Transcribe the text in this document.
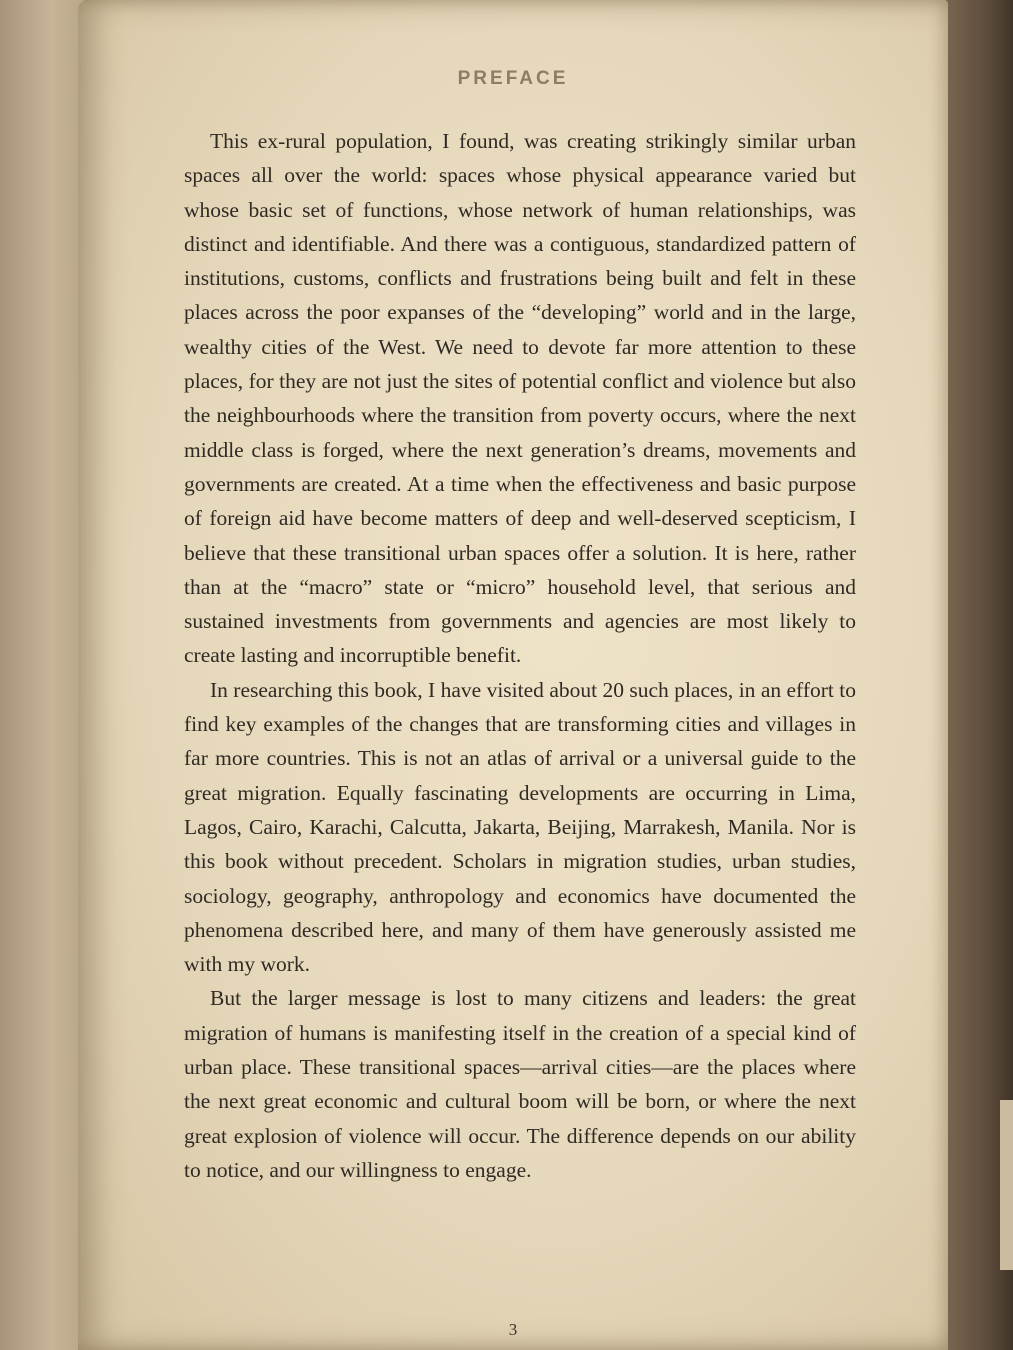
PREFACE

This ex-rural population, I found, was creating strikingly similar urban spaces all over the world: spaces whose physical appearance varied but whose basic set of functions, whose network of human relationships, was distinct and identifiable. And there was a contiguous, standardized pattern of institutions, customs, conflicts and frustrations being built and felt in these places across the poor expanses of the “developing” world and in the large, wealthy cities of the West. We need to devote far more attention to these places, for they are not just the sites of potential conflict and violence but also the neighbourhoods where the transition from poverty occurs, where the next middle class is forged, where the next generation’s dreams, movements and governments are created. At a time when the effectiveness and basic purpose of foreign aid have become matters of deep and well-deserved scepticism, I believe that these transitional urban spaces offer a solution. It is here, rather than at the “macro” state or “micro” household level, that serious and sustained investments from governments and agencies are most likely to create lasting and incorruptible benefit.

In researching this book, I have visited about 20 such places, in an effort to find key examples of the changes that are transforming cities and villages in far more countries. This is not an atlas of arrival or a universal guide to the great migration. Equally fascinating developments are occurring in Lima, Lagos, Cairo, Karachi, Calcutta, Jakarta, Beijing, Marrakesh, Manila. Nor is this book without precedent. Scholars in migration studies, urban studies, sociology, geography, anthropology and economics have documented the phenomena described here, and many of them have generously assisted me with my work.

But the larger message is lost to many citizens and leaders: the great migration of humans is manifesting itself in the creation of a special kind of urban place. These transitional spaces—arrival cities—are the places where the next great economic and cultural boom will be born, or where the next great explosion of violence will occur. The difference depends on our ability to notice, and our willingness to engage.

3
